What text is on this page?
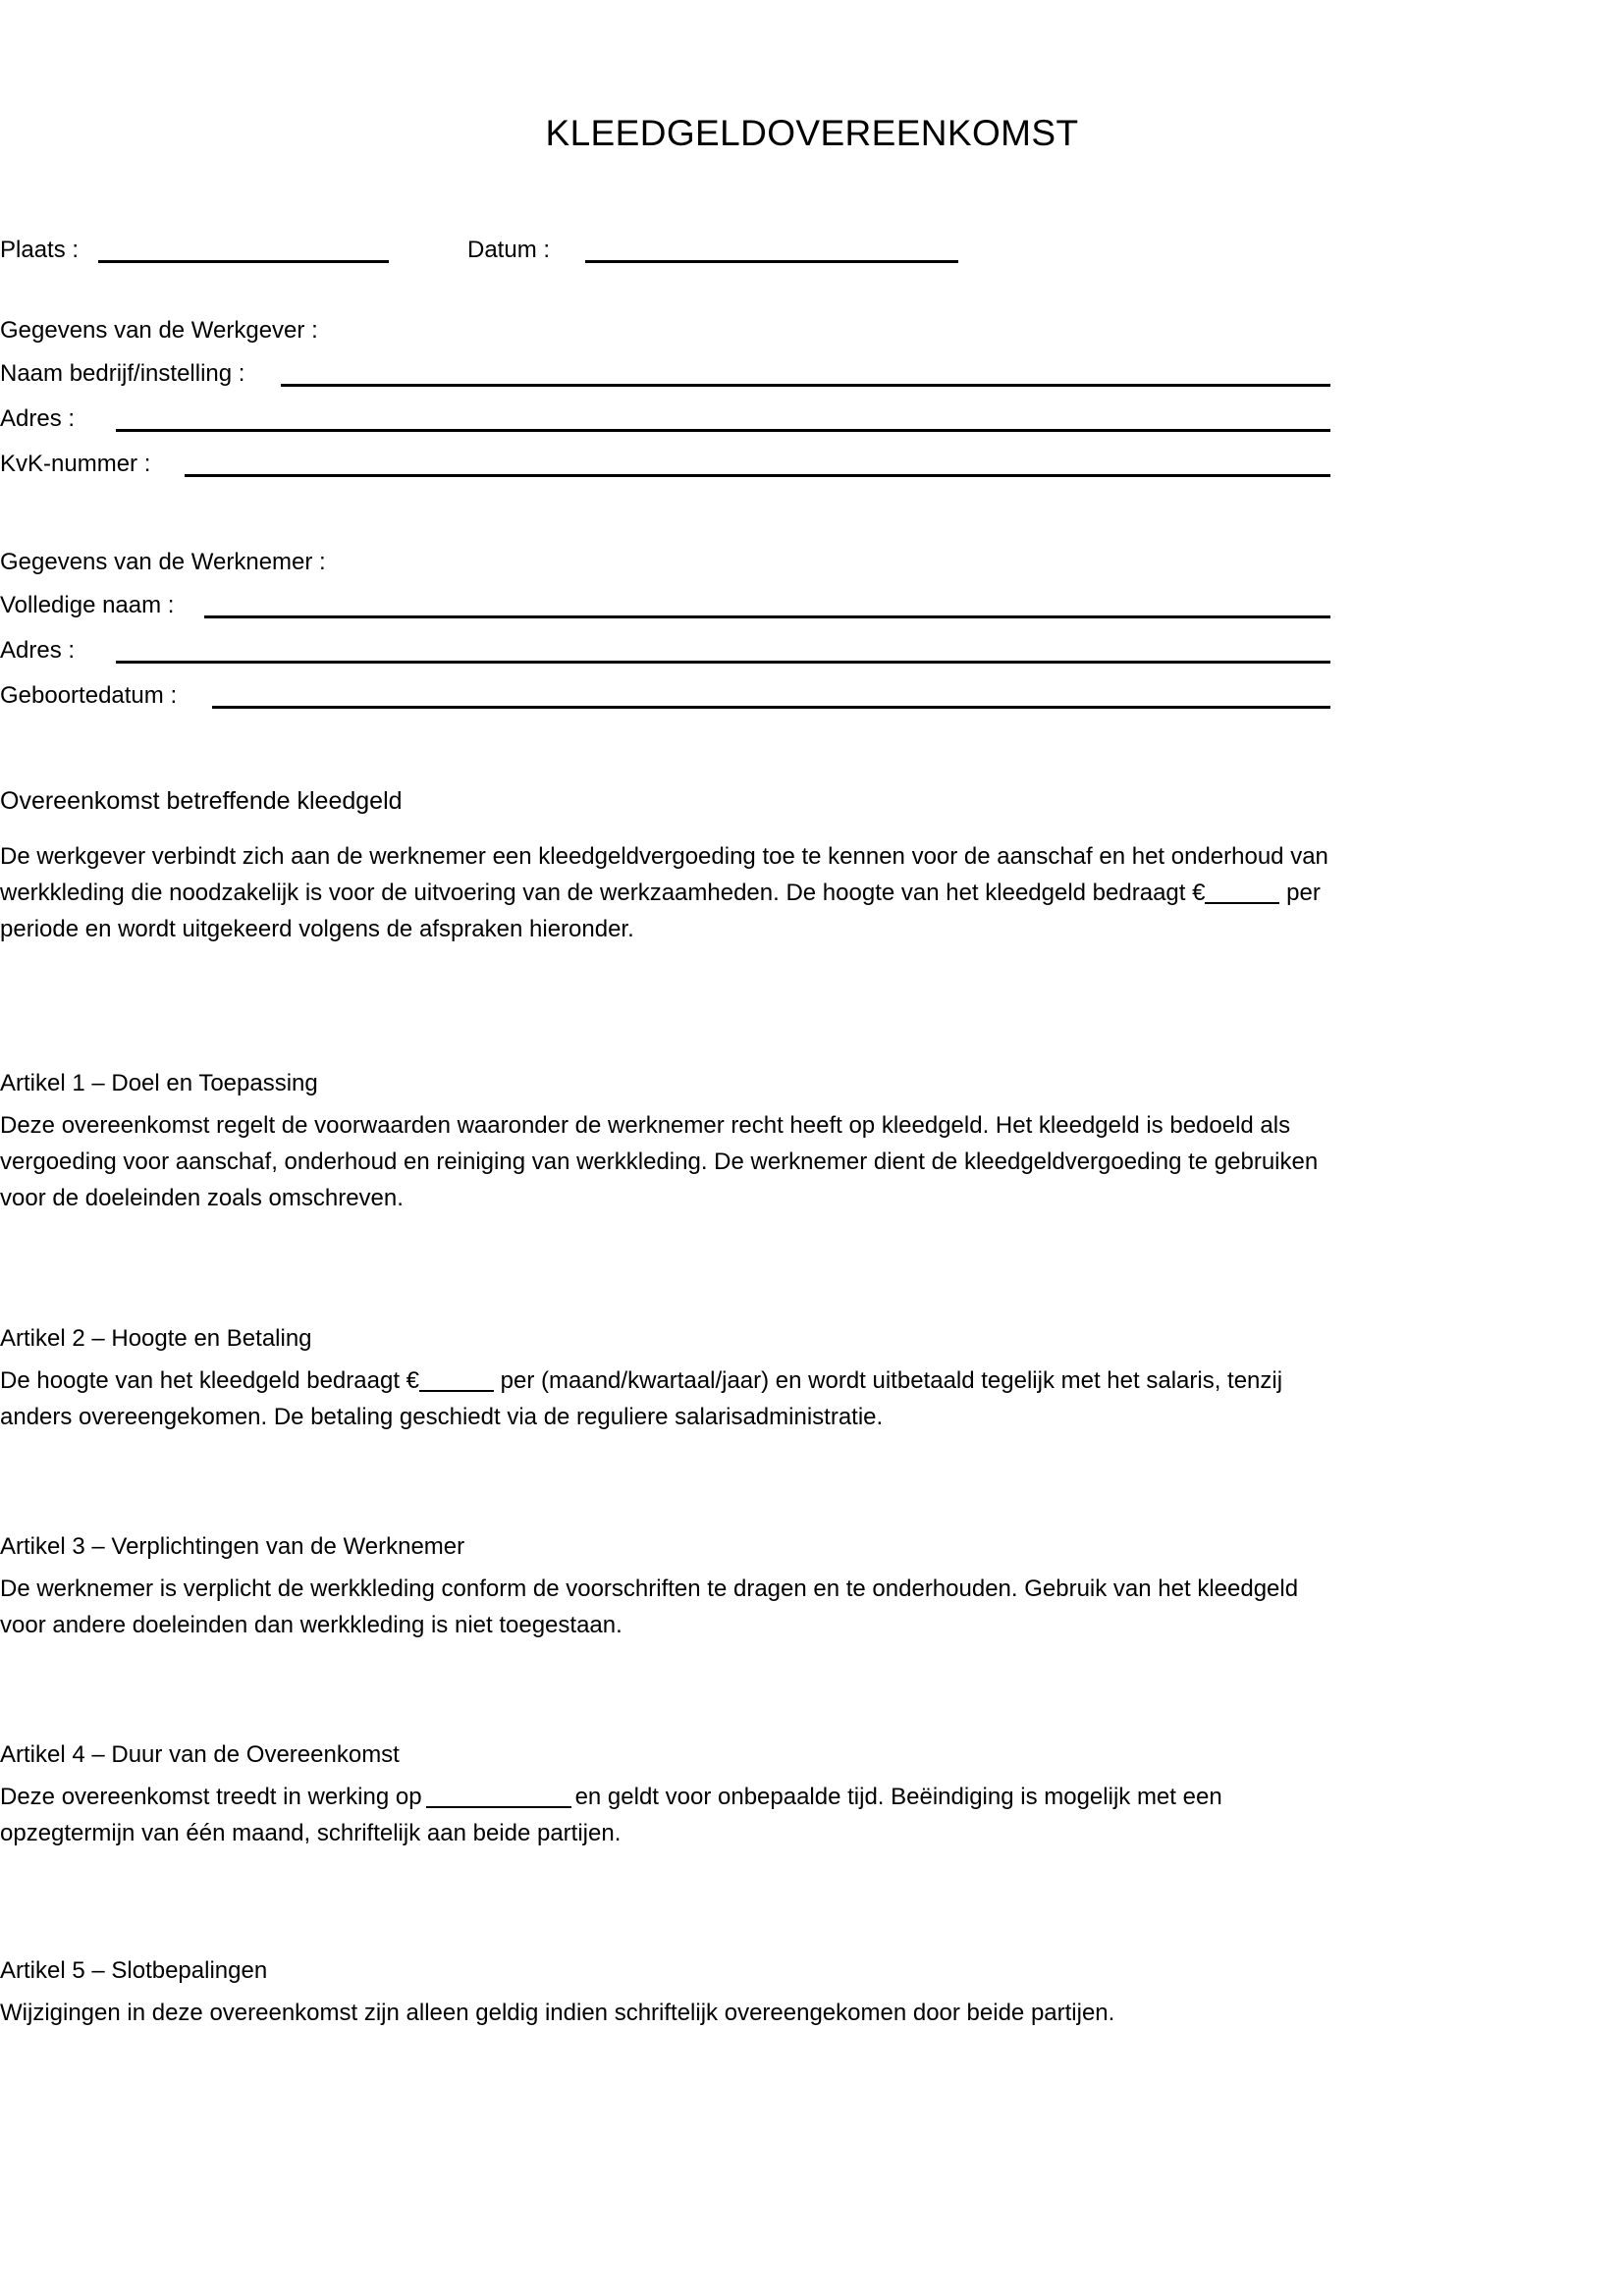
KLEEDGELDOVEREENKOMST
Plaats :	Datum :
Gegevens van de Werkgever :
Naam bedrijf/instelling :
Adres :
KvK-nummer :
Gegevens van de Werknemer :
Volledige naam :
Adres :
Geboortedatum :
Overeenkomst betreffende kleedgeld

De werkgever verbindt zich aan de werknemer een kleedgeldvergoeding toe te kennen voor de aanschaf en het onderhoud van werkkleding die noodzakelijk is voor de uitvoering van de werkzaamheden. De hoogte van het kleedgeld bedraagt €	per periode en wordt uitgekeerd volgens de afspraken hieronder.

Artikel 1 – Doel en Toepassing

Deze overeenkomst regelt de voorwaarden waaronder de werknemer recht heeft op kleedgeld. Het kleedgeld is bedoeld als vergoeding voor aanschaf, onderhoud en reiniging van werkkleding. De werknemer dient de kleedgeldvergoeding te gebruiken voor de doeleinden zoals omschreven.

Artikel 2 – Hoogte en Betaling

De hoogte van het kleedgeld bedraagt €	per (maand/kwartaal/jaar) en wordt uitbetaald tegelijk met het salaris, tenzij anders overeengekomen. De betaling geschiedt via de reguliere salarisadministratie.

Artikel 3 – Verplichtingen van de Werknemer

De werknemer is verplicht de werkkleding conform de voorschriften te dragen en te onderhouden. Gebruik van het kleedgeld voor andere doeleinden dan werkkleding is niet toegestaan.

Artikel 4 – Duur van de Overeenkomst

Deze overeenkomst treedt in werking op	en geldt voor onbepaalde tijd. Beëindiging is mogelijk met een opzegtermijn van één maand, schriftelijk aan beide partijen.

Artikel 5 – Slotbepalingen

Wijzigingen in deze overeenkomst zijn alleen geldig indien schriftelijk overeengekomen door beide partijen.
